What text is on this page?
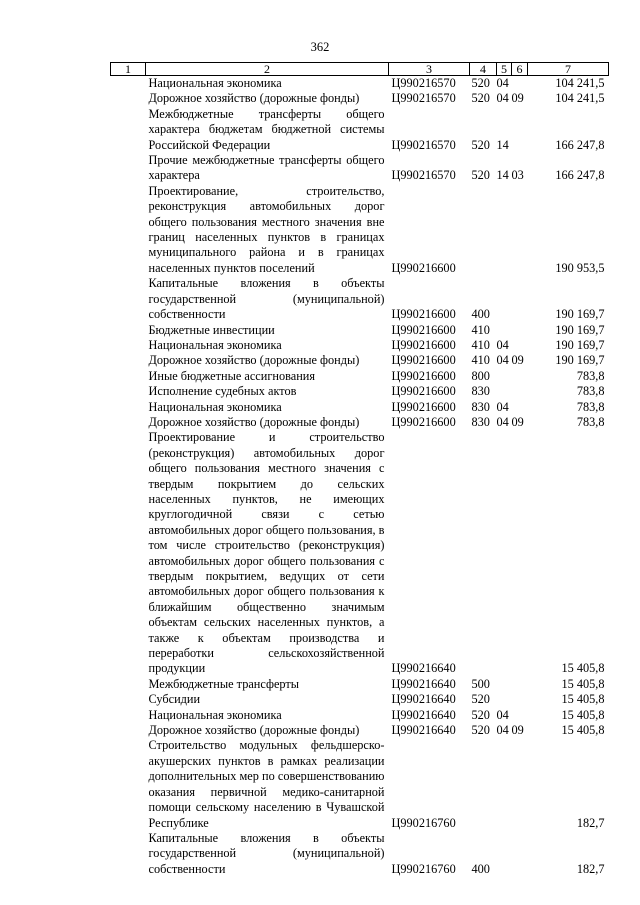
362
1	2	3	4	5	6	7
	Национальная экономика	Ц990216570	520	04		104 241,5
	Дорожное хозяйство (дорожные фонды)	Ц990216570	520	04	09	104 241,5
	Межбюджетные трансферты общего характера бюджетам бюджетной системы Российской Федерации	Ц990216570	520	14		166 247,8
	Прочие межбюджетные трансферты общего характера	Ц990216570	520	14	03	166 247,8
	Проектирование, строительство, реконструкция автомобильных дорог общего пользования местного значения вне границ населенных пунктов в границах муниципального района и в границах населенных пунктов поселений	Ц990216600				190 953,5
	Капитальные вложения в объекты государственной (муниципальной) собственности	Ц990216600	400			190 169,7
	Бюджетные инвестиции	Ц990216600	410			190 169,7
	Национальная экономика	Ц990216600	410	04		190 169,7
	Дорожное хозяйство (дорожные фонды)	Ц990216600	410	04	09	190 169,7
	Иные бюджетные ассигнования	Ц990216600	800			783,8
	Исполнение судебных актов	Ц990216600	830			783,8
	Национальная экономика	Ц990216600	830	04		783,8
	Дорожное хозяйство (дорожные фонды)	Ц990216600	830	04	09	783,8
	Проектирование и строительство (реконструкция) автомобильных дорог общего пользования местного значения с твердым покрытием до сельских населенных пунктов, не имеющих круглогодичной связи с сетью автомобильных дорог общего пользования, в том числе строительство (реконструкция) автомобильных дорог общего пользования с твердым покрытием, ведущих от сети автомобильных дорог общего пользования к ближайшим общественно значимым объектам сельских населенных пунктов, а также к объектам производства и переработки сельскохозяйственной продукции	Ц990216640				15 405,8
	Межбюджетные трансферты	Ц990216640	500			15 405,8
	Субсидии	Ц990216640	520			15 405,8
	Национальная экономика	Ц990216640	520	04		15 405,8
	Дорожное хозяйство (дорожные фонды)	Ц990216640	520	04	09	15 405,8
	Строительство модульных фельдшерско-акушерских пунктов в рамках реализации дополнительных мер по совершенствованию оказания первичной медико-санитарной помощи сельскому населению в Чувашской Республике	Ц990216760				182,7
	Капитальные вложения в объекты государственной (муниципальной) собственности	Ц990216760	400			182,7
